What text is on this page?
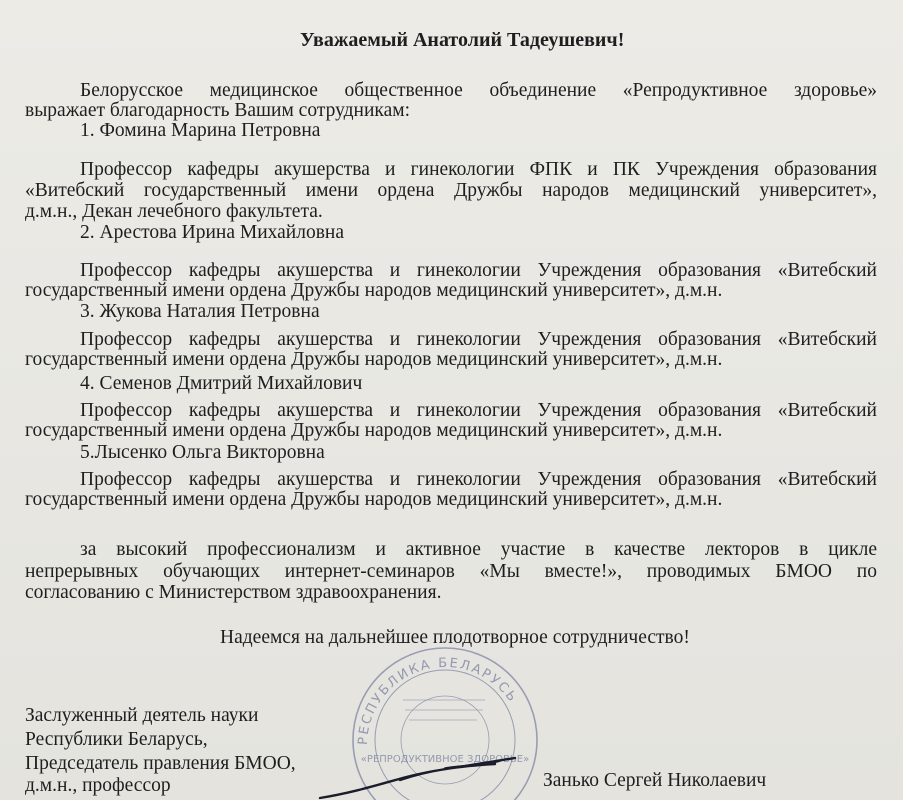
Уважаемый Анатолий Тадеушевич!
Белорусское медицинское общественное объединение «Репродуктивное здоровье»
выражает благодарность Вашим сотрудникам:
1. Фомина Марина Петровна
Профессор кафедры акушерства и гинекологии ФПК и ПК Учреждения образования
«Витебский государственный имени ордена Дружбы народов медицинский университет»,
д.м.н., Декан лечебного факультета.
2. Арестова Ирина Михайловна
Профессор кафедры акушерства и гинекологии Учреждения образования «Витебский
государственный имени ордена Дружбы народов медицинский университет», д.м.н.
3. Жукова Наталия Петровна
Профессор кафедры акушерства и гинекологии Учреждения образования «Витебский
государственный имени ордена Дружбы народов медицинский университет», д.м.н.
4. Семенов Дмитрий Михайлович
Профессор кафедры акушерства и гинекологии Учреждения образования «Витебский
государственный имени ордена Дружбы народов медицинский университет», д.м.н.
5.Лысенко Ольга Викторовна
Профессор кафедры акушерства и гинекологии Учреждения образования «Витебский
государственный имени ордена Дружбы народов медицинский университет», д.м.н.
за высокий профессионализм и активное участие в качестве лекторов в цикле
непрерывных обучающих интернет-семинаров «Мы вместе!», проводимых БМОО по
согласованию с Министерством здравоохранения.
Надеемся на дальнейшее плодотворное сотрудничество!
Заслуженный деятель науки
Республики Беларусь,
Председатель правления БМОО,
д.м.н., профессор	Занько Сергей Николаевич
РЕСПУБЛИКА БЕЛАРУСЬ
«РЕПРОДУКТИВНОЕ ЗДОРОВЬЕ»
